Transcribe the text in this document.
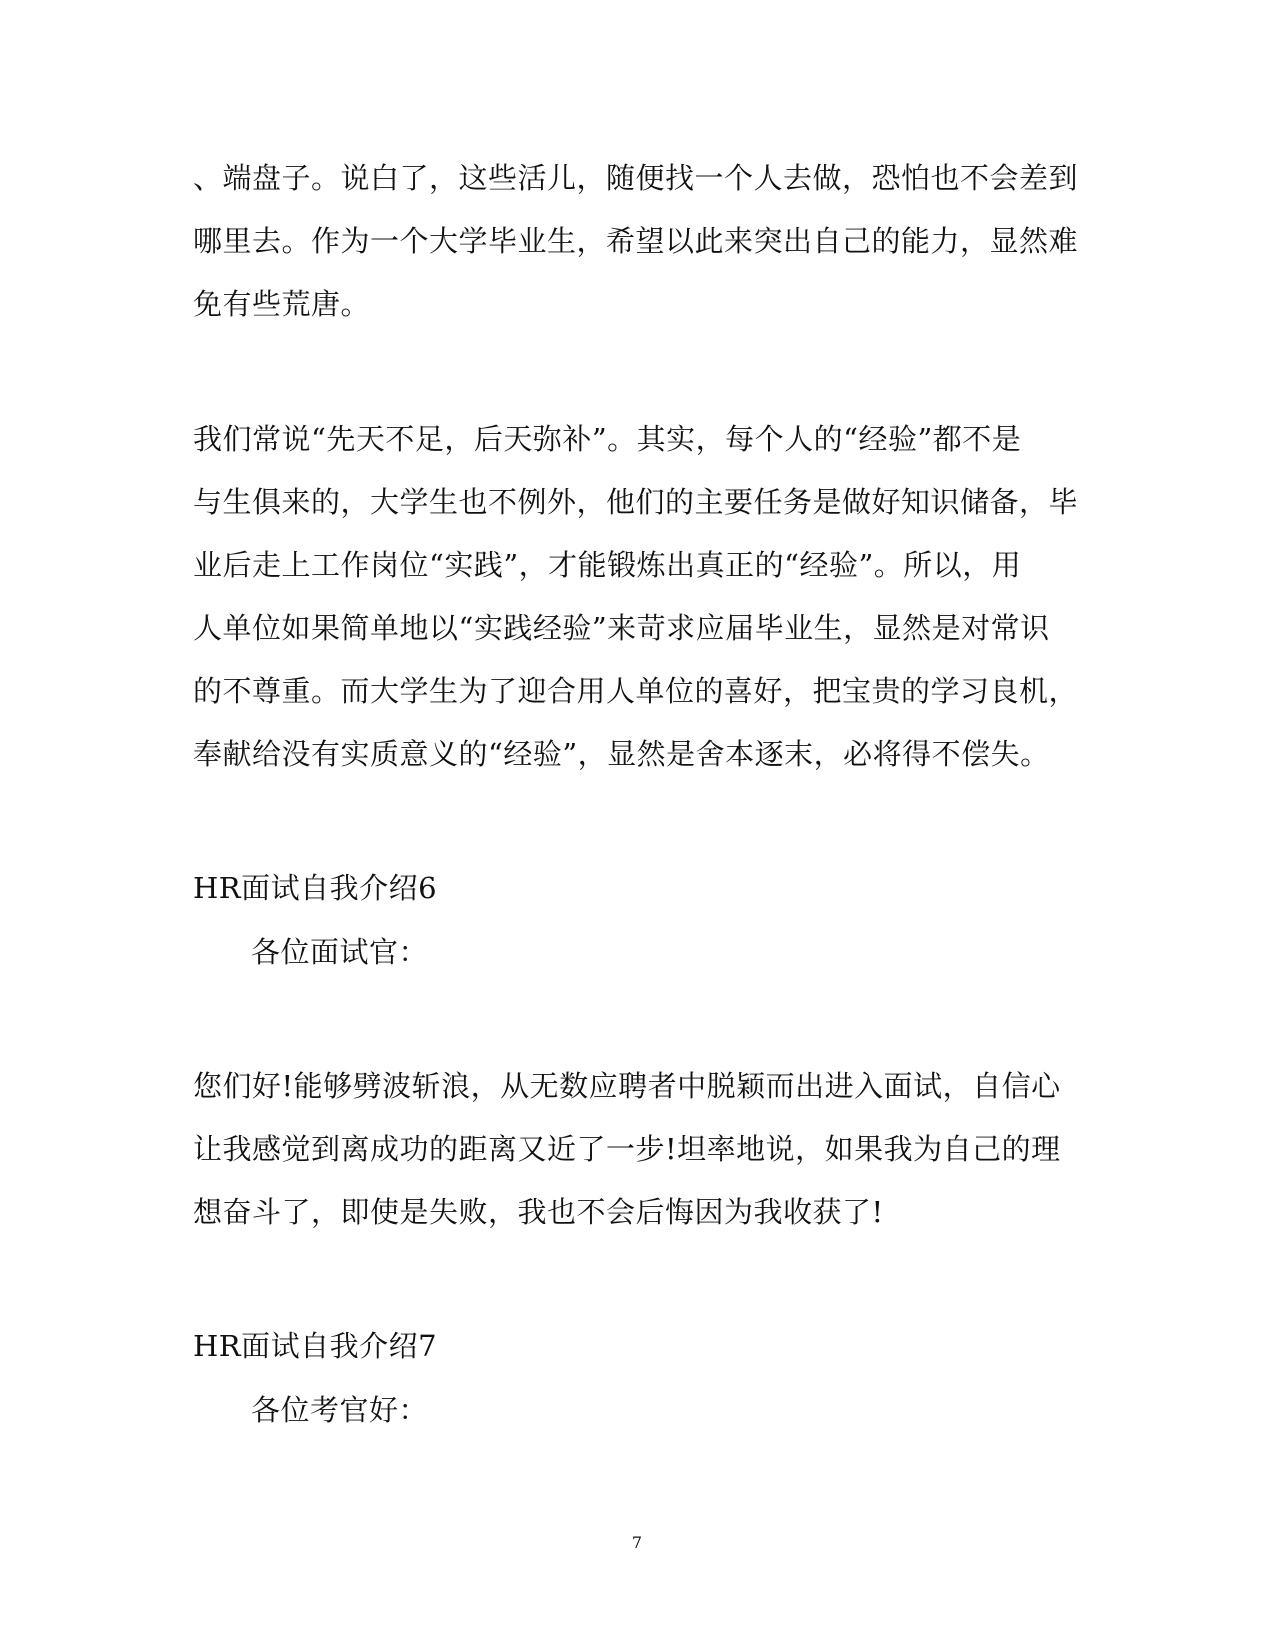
、端盘子。说白了，这些活儿，随便找一个人去做，恐怕也不会差到
哪里去。作为一个大学毕业生，希望以此来突出自己的能力，显然难
免有些荒唐。
我们常说“先天不足，后天弥补”。其实，每个人的“经验”都不是
与生俱来的，大学生也不例外，他们的主要任务是做好知识储备，毕
业后走上工作岗位“实践”，才能锻炼出真正的“经验”。所以，用
人单位如果简单地以“实践经验”来苛求应届毕业生，显然是对常识
的不尊重。而大学生为了迎合用人单位的喜好，把宝贵的学习良机，
奉献给没有实质意义的“经验”，显然是舍本逐末，必将得不偿失。
HR面试自我介绍6
各位面试官：
您们好!能够劈波斩浪，从无数应聘者中脱颖而出进入面试，自信心
让我感觉到离成功的距离又近了一步!坦率地说，如果我为自己的理
想奋斗了，即使是失败，我也不会后悔因为我收获了!
HR面试自我介绍7
各位考官好：
7
